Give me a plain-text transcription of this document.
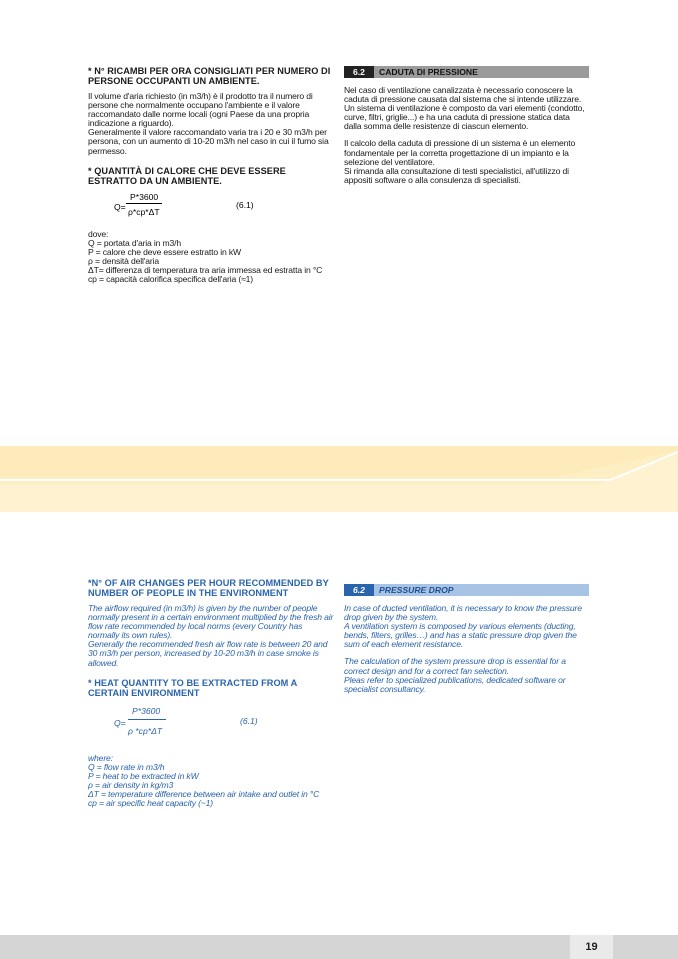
* N° RICAMBI PER ORA CONSIGLIATI PER NUMERO DI PERSONE OCCUPANTI UN AMBIENTE.
Il volume d'aria richiesto (in m3/h) è il prodotto tra il numero di persone che normalmente occupano l'ambiente e il valore raccomandato dalle norme locali (ogni Paese da una propria indicazione a riguardo).
Generalmente il valore raccomandato varia tra i 20 e 30 m3/h per persona, con un aumento di 10-20 m3/h nel caso in cui il fumo sia permesso.
* QUANTITÀ DI CALORE CHE DEVE ESSERE ESTRATTO DA UN AMBIENTE.
Q=
P*3600
ρ*cp*ΔT
(6.1)
dove:
Q = portata d'aria in m3/h
P = calore che deve essere estratto in kW
ρ = densità dell'aria
ΔT= differenza di temperatura tra aria immessa ed estratta in °C
cp = capacità calorifica specifica dell'aria (≈1)
6.2	CADUTA DI PRESSIONE
Nel caso di ventilazione canalizzata è necessario conoscere la caduta di pressione causata dal sistema che si intende utilizzare. Un sistema di ventilazione è composto da vari elementi (condotto, curve, filtri, griglie...) e ha una caduta di pressione statica data dalla somma delle resistenze di ciascun elemento.
Il calcolo della caduta di pressione di un sistema è un elemento fondamentale per la corretta progettazione di un impianto e la selezione del ventilatore.
Si rimanda alla consultazione di testi specialistici, all'utilizzo di appositi software o alla consulenza di specialisti.
*N° OF AIR CHANGES PER HOUR RECOMMENDED BY NUMBER OF PEOPLE IN THE ENVIRONMENT
The airflow required (in m3/h) is given by the number of people normally present in a certain environment multiplied by the fresh air flow rate recommended by local norms (every Country has normally its own rules).
Generally the recommended fresh air flow rate is between 20 and 30 m3/h per person, increased by 10-20 m3/h in case smoke is allowed.
* HEAT QUANTITY TO BE EXTRACTED FROM A CERTAIN ENVIRONMENT
Q=
P*3600
ρ *cp*ΔT
(6.1)
where:
Q = flow rate in m3/h
P = heat to be extracted in kW
ρ = air density in kg/m3
ΔT = temperature difference between air intake and outlet in °C
cp = air specific heat capacity (~1)
6.2	PRESSURE DROP
In case of ducted ventilation, it is necessary to know the pressure drop given by the system.
A ventilation system is composed by various elements (ducting, bends, filters, grilles…) and has a static pressure drop given the sum of each element resistance.
The calculation of the system pressure drop is essential for a correct design and for a correct fan selection.
Pleas refer to specialized publications, dedicated software or specialist consultancy.
19
